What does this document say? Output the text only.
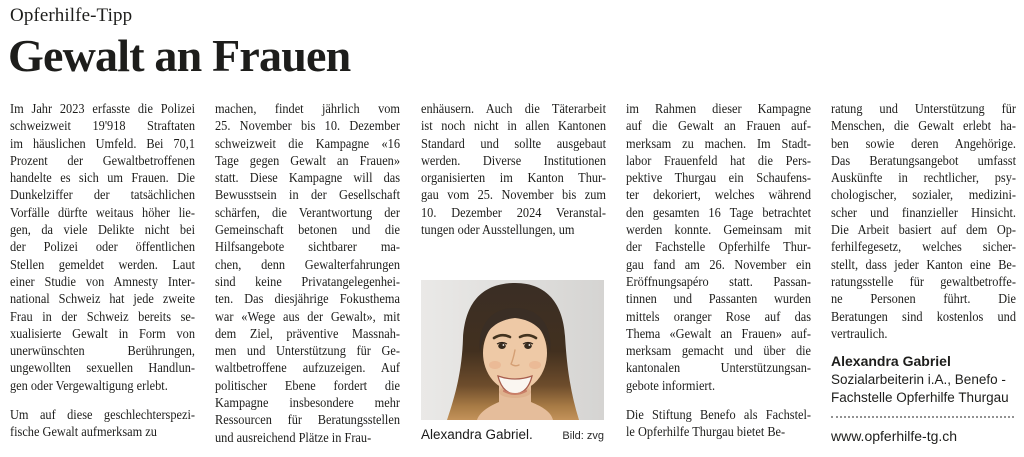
Opferhilfe-Tipp
Gewalt an Frauen
Im Jahr 2023 erfasste die Polizei
schweizweit 19'918 Straftaten
im häuslichen Umfeld. Bei 70,1
Prozent der Gewaltbetroffenen
handelte es sich um Frauen. Die
Dunkelziffer der tatsächlichen
Vorfälle dürfte weitaus höher lie-
gen, da viele Delikte nicht bei
der Polizei oder öffentlichen
Stellen gemeldet werden. Laut
einer Studie von Amnesty Inter-
national Schweiz hat jede zweite
Frau in der Schweiz bereits se-
xualisierte Gewalt in Form von
unerwünschten Berührungen,
ungewollten sexuellen Handlun-
gen oder Vergewaltigung erlebt.
Um auf diese geschlechterspezi-
fische Gewalt aufmerksam zu
machen, findet jährlich vom
25. November bis 10. Dezember
schweizweit die Kampagne «16
Tage gegen Gewalt an Frauen»
statt. Diese Kampagne will das
Bewusstsein in der Gesellschaft
schärfen, die Verantwortung der
Gemeinschaft betonen und die
Hilfsangebote sichtbarer ma-
chen, denn Gewalterfahrungen
sind keine Privatangelegenhei-
ten. Das diesjährige Fokusthema
war «Wege aus der Gewalt», mit
dem Ziel, präventive Massnah-
men und Unterstützung für Ge-
waltbetroffene aufzuzeigen. Auf
politischer Ebene fordert die
Kampagne insbesondere mehr
Ressourcen für Beratungsstellen
und ausreichend Plätze in Frau-
enhäusern. Auch die Täterarbeit
ist noch nicht in allen Kantonen
Standard und sollte ausgebaut
werden. Diverse Institutionen
organisierten im Kanton Thur-
gau vom 25. November bis zum
10. Dezember 2024 Veranstal-
tungen oder Ausstellungen, um
im Rahmen dieser Kampagne
auf die Gewalt an Frauen auf-
merksam zu machen. Im Stadt-
labor Frauenfeld hat die Pers-
pektive Thurgau ein Schaufens-
ter dekoriert, welches während
den gesamten 16 Tage betrachtet
werden konnte. Gemeinsam mit
der Fachstelle Opferhilfe Thur-
gau fand am 26. November ein
Eröffnungsapéro statt. Passan-
tinnen und Passanten wurden
mittels oranger Rose auf das
Thema «Gewalt an Frauen» auf-
merksam gemacht und über die
kantonalen Unterstützungsan-
gebote informiert.
Die Stiftung Benefo als Fachstel-
le Opferhilfe Thurgau bietet Be-
ratung und Unterstützung für
Menschen, die Gewalt erlebt ha-
ben sowie deren Angehörige.
Das Beratungsangebot umfasst
Auskünfte in rechtlicher, psy-
chologischer, sozialer, medizini-
scher und finanzieller Hinsicht.
Die Arbeit basiert auf dem Op-
ferhilfegesetz, welches sicher-
stellt, dass jeder Kanton eine Be-
ratungsstelle für gewaltbetroffe-
ne Personen führt. Die
Beratungen sind kostenlos und
vertraulich.
Alexandra Gabriel.	Bild: zvg
Alexandra Gabriel
Sozialarbeiterin i.A., Benefo -
Fachstelle Opferhilfe Thurgau
www.opferhilfe-tg.ch
